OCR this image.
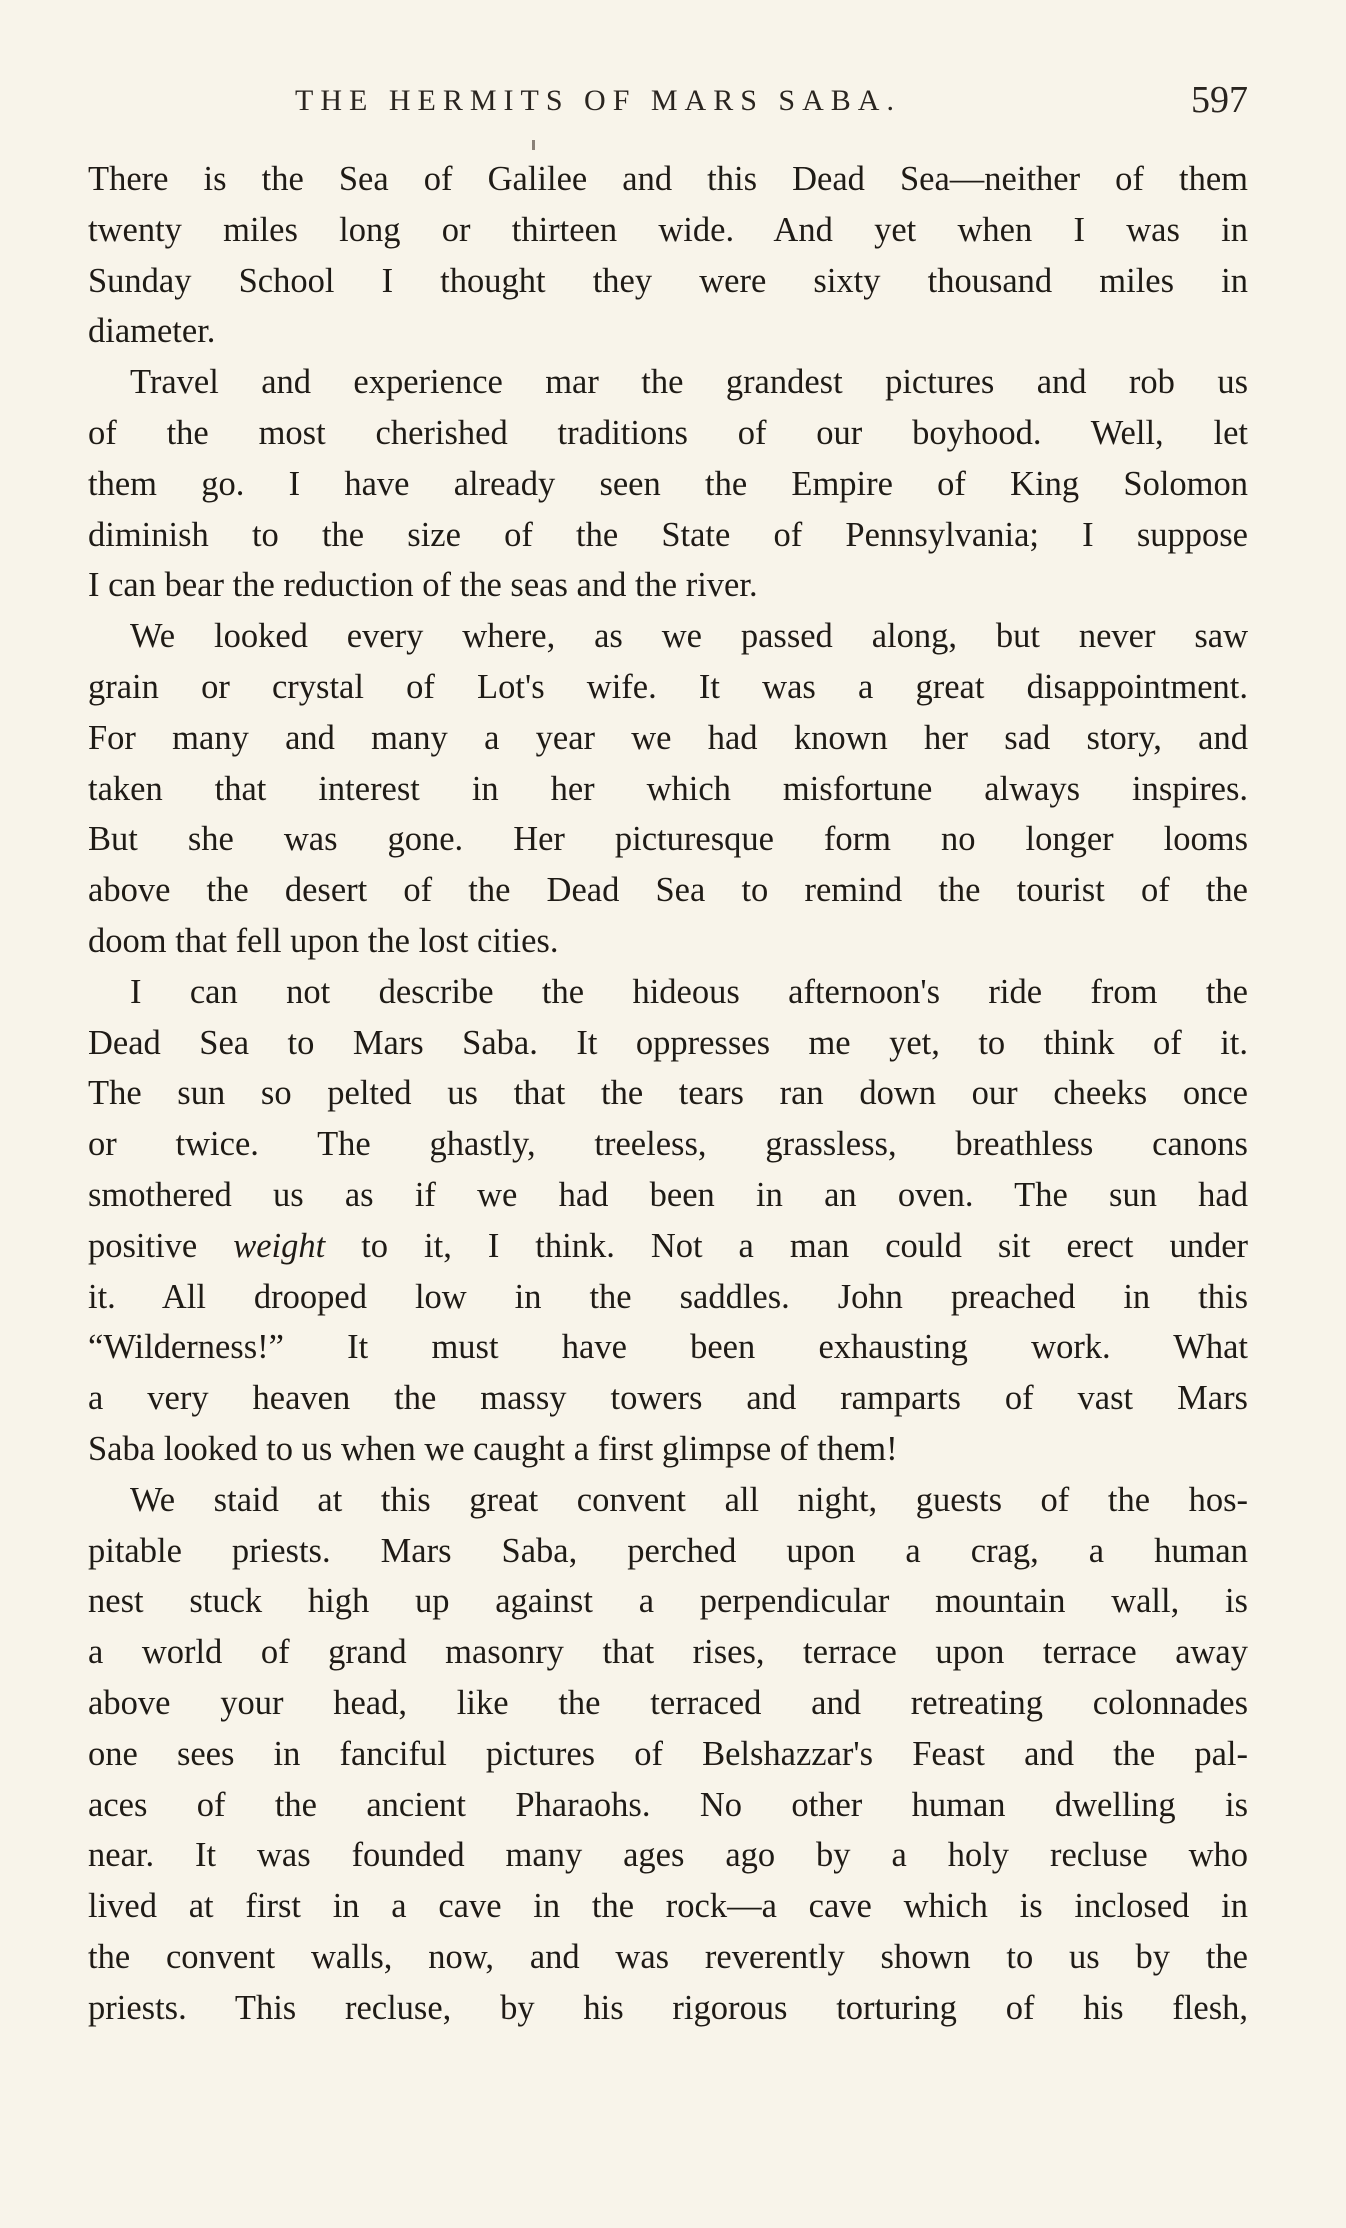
THE HERMITS OF MARS SABA.	597
There is the Sea of Galilee and this Dead Sea—neither of them
twenty miles long or thirteen wide. And yet when I was in
Sunday School I thought they were sixty thousand miles in
diameter.
Travel and experience mar the grandest pictures and rob us
of the most cherished traditions of our boyhood. Well, let
them go. I have already seen the Empire of King Solomon
diminish to the size of the State of Pennsylvania; I suppose
I can bear the reduction of the seas and the river.
We looked every where, as we passed along, but never saw
grain or crystal of Lot's wife. It was a great disappointment.
For many and many a year we had known her sad story, and
taken that interest in her which misfortune always inspires.
But she was gone. Her picturesque form no longer looms
above the desert of the Dead Sea to remind the tourist of the
doom that fell upon the lost cities.
I can not describe the hideous afternoon's ride from the
Dead Sea to Mars Saba. It oppresses me yet, to think of it.
The sun so pelted us that the tears ran down our cheeks once
or twice. The ghastly, treeless, grassless, breathless canons
smothered us as if we had been in an oven. The sun had
positive weight to it, I think. Not a man could sit erect under
it. All drooped low in the saddles. John preached in this
“Wilderness!” It must have been exhausting work. What
a very heaven the massy towers and ramparts of vast Mars
Saba looked to us when we caught a first glimpse of them!
We staid at this great convent all night, guests of the hos-
pitable priests. Mars Saba, perched upon a crag, a human
nest stuck high up against a perpendicular mountain wall, is
a world of grand masonry that rises, terrace upon terrace away
above your head, like the terraced and retreating colonnades
one sees in fanciful pictures of Belshazzar's Feast and the pal-
aces of the ancient Pharaohs. No other human dwelling is
near. It was founded many ages ago by a holy recluse who
lived at first in a cave in the rock—a cave which is inclosed in
the convent walls, now, and was reverently shown to us by the
priests. This recluse, by his rigorous torturing of his flesh,
